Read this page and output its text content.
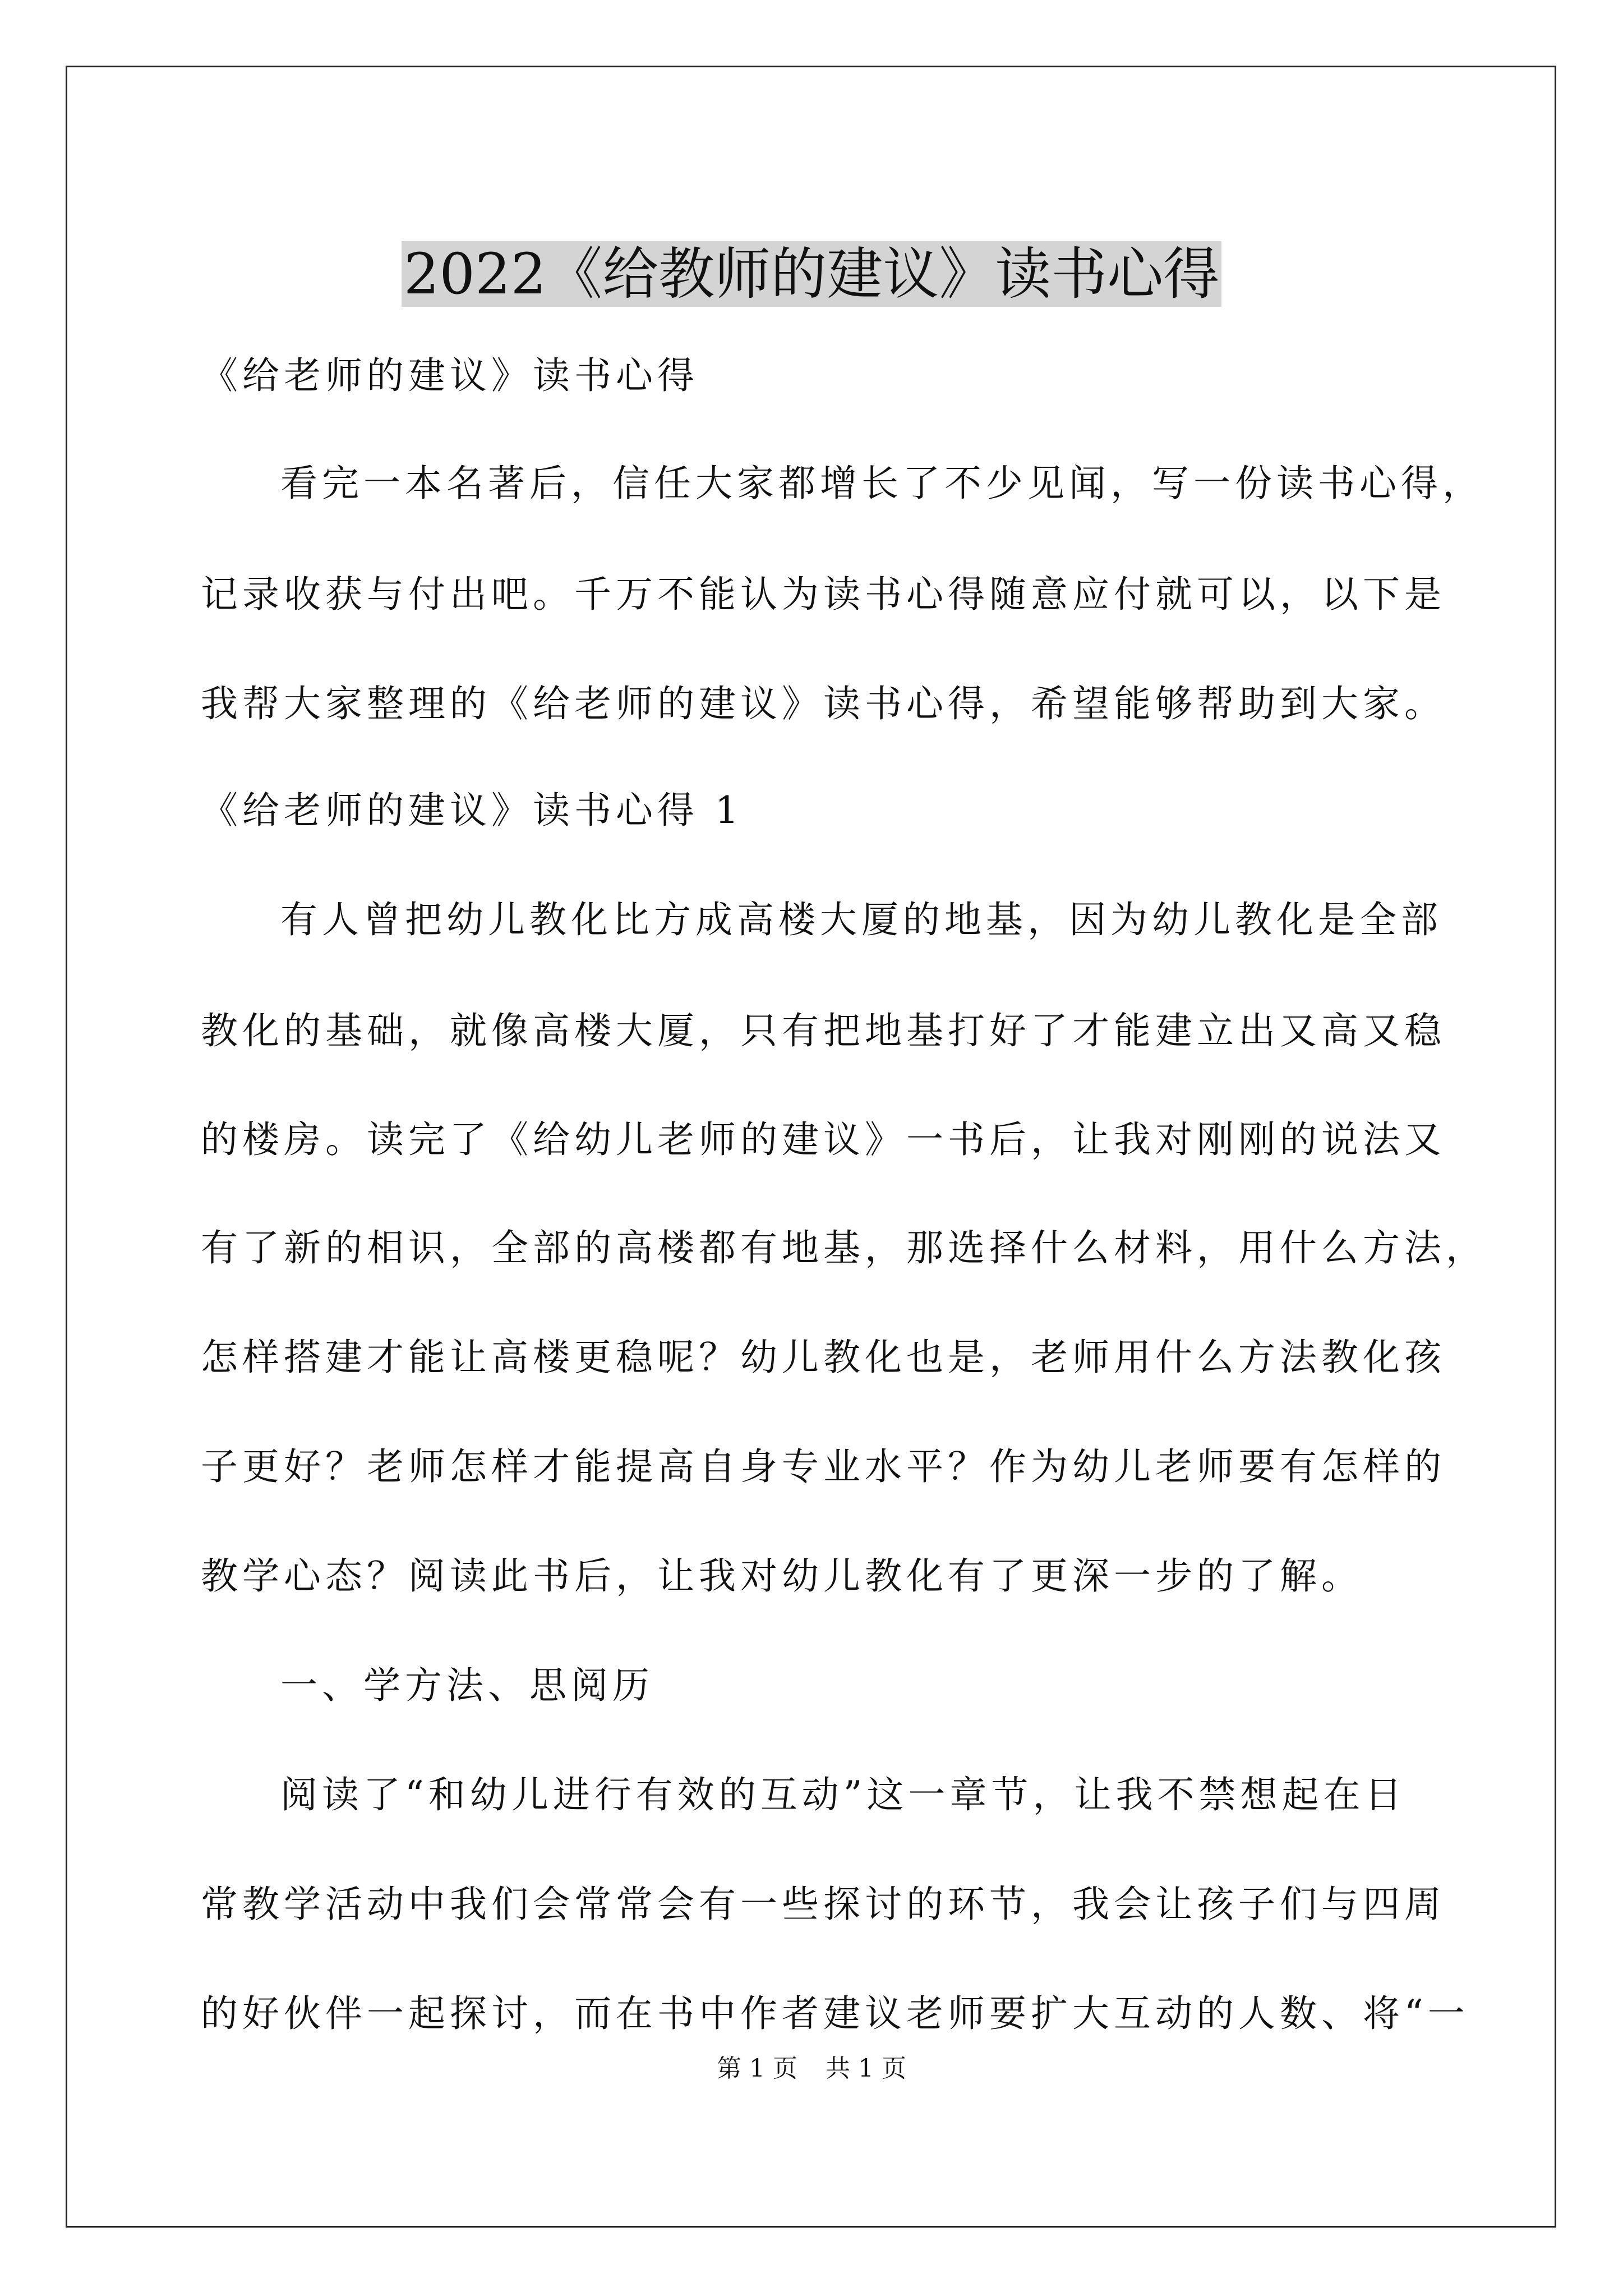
2022《给教师的建议》读书心得
《给老师的建议》读书心得
看完一本名著后，信任大家都增长了不少见闻，写一份读书心得，
记录收获与付出吧。千万不能认为读书心得随意应付就可以，以下是
我帮大家整理的《给老师的建议》读书心得，希望能够帮助到大家。
《给老师的建议》读书心得 1
有人曾把幼儿教化比方成高楼大厦的地基，因为幼儿教化是全部
教化的基础，就像高楼大厦，只有把地基打好了才能建立出又高又稳
的楼房。读完了《给幼儿老师的建议》一书后，让我对刚刚的说法又
有了新的相识，全部的高楼都有地基，那选择什么材料，用什么方法，
怎样搭建才能让高楼更稳呢？幼儿教化也是，老师用什么方法教化孩
子更好？老师怎样才能提高自身专业水平？作为幼儿老师要有怎样的
教学心态？阅读此书后，让我对幼儿教化有了更深一步的了解。
一、学方法、思阅历
阅读了“和幼儿进行有效的互动”这一章节，让我不禁想起在日
常教学活动中我们会常常会有一些探讨的环节，我会让孩子们与四周
的好伙伴一起探讨，而在书中作者建议老师要扩大互动的人数、将“一
第 1 页 共 1 页
